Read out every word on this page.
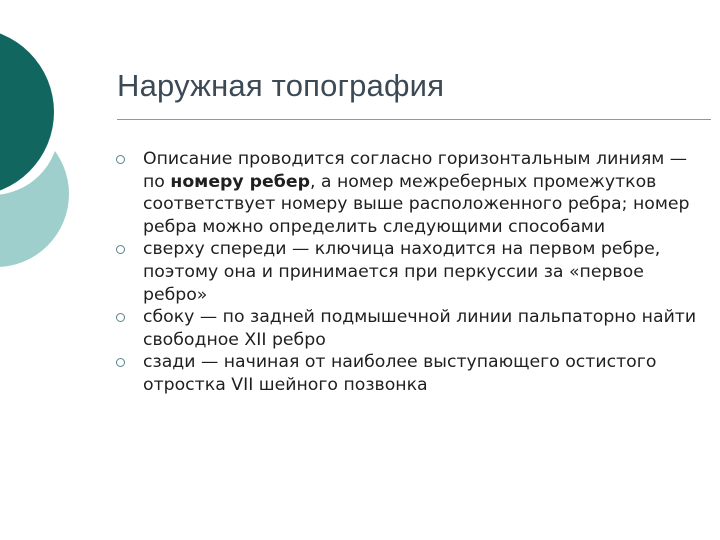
Наружная топография
Описание проводится согласно горизонтальным линиям — по номеру ребер, а номер межреберных промежутков соответствует номеру выше расположенного ребра; номер ребра можно определить следующими способами
сверху спереди — ключица находится на первом ребре, поэтому она и принимается при перкуссии за «первое ребро»
сбоку — по задней подмышечной линии пальпаторно найти свободное XII ребро
сзади — начиная от наиболее выступающего остистого отростка VII шейного позвонка
